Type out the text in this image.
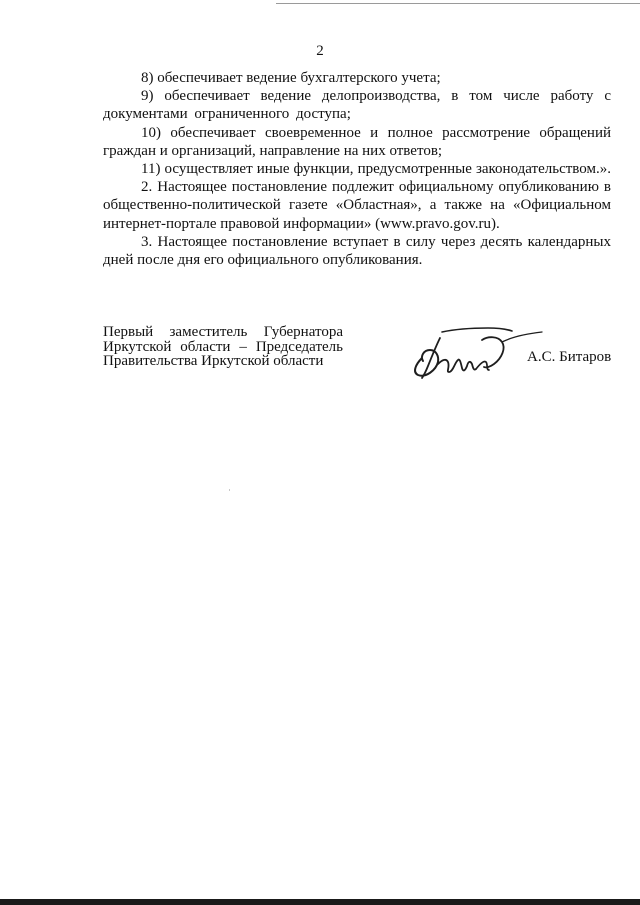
2

8) обеспечивает ведение бухгалтерского учета;

9) обеспечивает ведение делопроизводства, в том числе работу с документами ограниченного доступа;

10) обеспечивает своевременное и полное рассмотрение обращений граждан и организаций, направление на них ответов;

11) осуществляет иные функции, предусмотренные законодательством.».

2. Настоящее постановление подлежит официальному опубликованию в общественно-политической газете «Областная», а также на «Официальном интернет-портале правовой информации» (www.pravo.gov.ru).

3. Настоящее постановление вступает в силу через десять календарных дней после дня его официального опубликования.

Первый заместитель Губернатора
Иркутской области – Председатель
Правительства Иркутской области	А.С. Битаров
